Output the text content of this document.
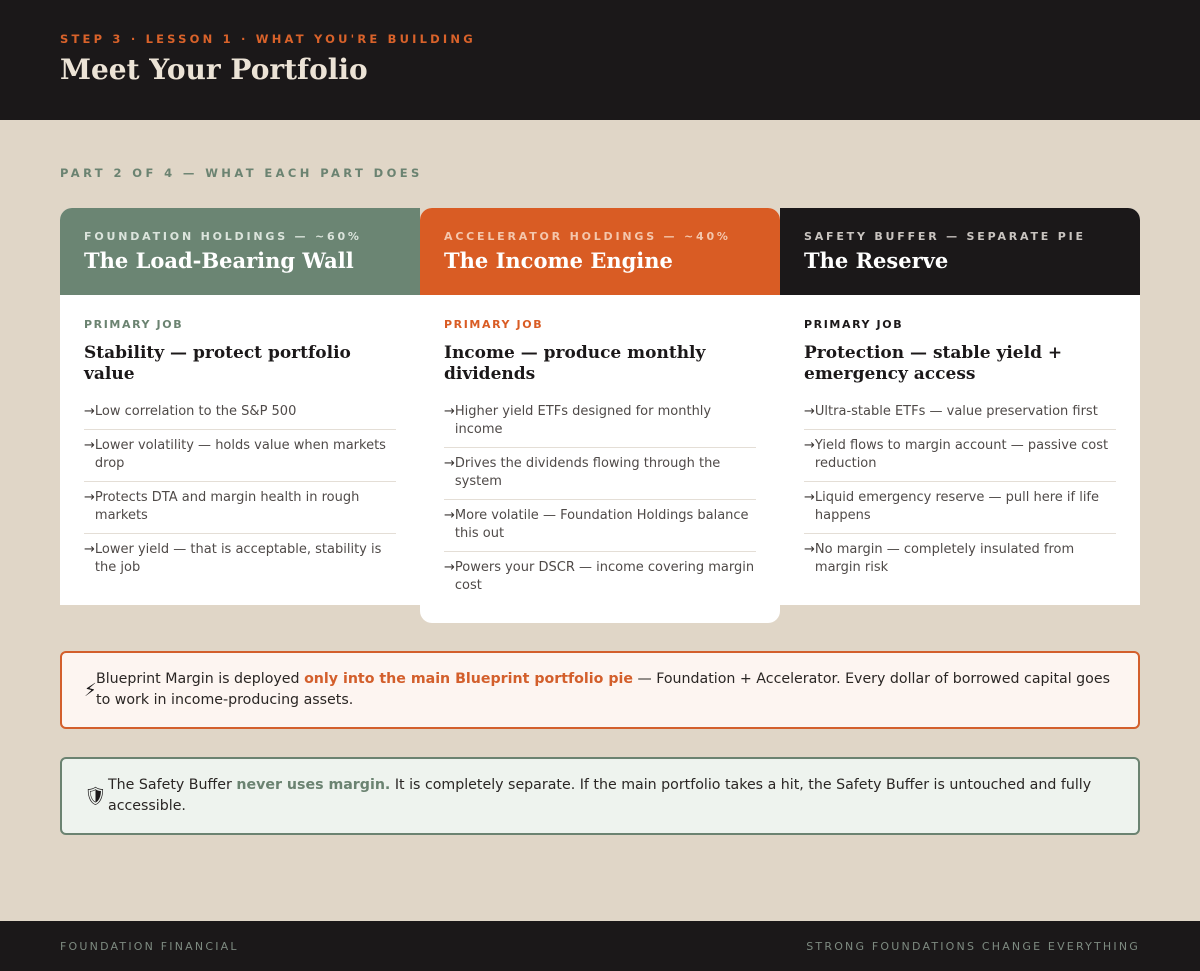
STEP 3 · LESSON 1 · WHAT YOU'RE BUILDING
Meet Your Portfolio
PART 2 OF 4 — WHAT EACH PART DOES
FOUNDATION HOLDINGS — ~60%
The Load-Bearing Wall
PRIMARY JOB
Stability — protect portfolio value
→ Low correlation to the S&P 500
→ Lower volatility — holds value when markets drop
→ Protects DTA and margin health in rough markets
→ Lower yield — that is acceptable, stability is the job
ACCELERATOR HOLDINGS — ~40%
The Income Engine
PRIMARY JOB
Income — produce monthly dividends
→ Higher yield ETFs designed for monthly income
→ Drives the dividends flowing through the system
→ More volatile — Foundation Holdings balance this out
→ Powers your DSCR — income covering margin cost
SAFETY BUFFER — SEPARATE PIE
The Reserve
PRIMARY JOB
Protection — stable yield + emergency access
→ Ultra-stable ETFs — value preservation first
→ Yield flows to margin account — passive cost reduction
→ Liquid emergency reserve — pull here if life happens
→ No margin — completely insulated from margin risk
⚡
Blueprint Margin is deployed only into the main Blueprint portfolio pie — Foundation + Accelerator. Every dollar of borrowed capital goes to work in income-producing assets.
🛡
The Safety Buffer never uses margin. It is completely separate. If the main portfolio takes a hit, the Safety Buffer is untouched and fully accessible.
FOUNDATION FINANCIAL	STRONG FOUNDATIONS CHANGE EVERYTHING
